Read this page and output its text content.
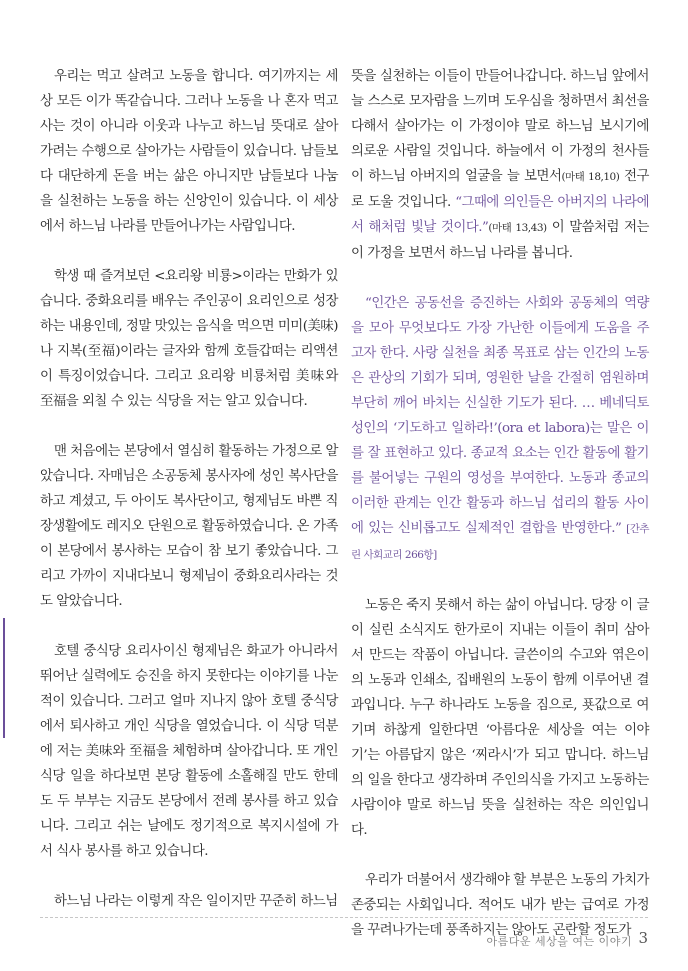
우리는 먹고 살려고 노동을 합니다. 여기까지는 세상 모든 이가 똑같습니다. 그러나 노동을 나 혼자 먹고 사는 것이 아니라 이웃과 나누고 하느님 뜻대로 살아가려는 수행으로 살아가는 사람들이 있습니다. 남들보다 대단하게 돈을 버는 삶은 아니지만 남들보다 나눔을 실천하는 노동을 하는 신앙인이 있습니다. 이 세상에서 하느님 나라를 만들어나가는 사람입니다.

학생 때 즐겨보던 <요리왕 비룡>이라는 만화가 있습니다. 중화요리를 배우는 주인공이 요리인으로 성장하는 내용인데, 정말 맛있는 음식을 먹으면 미미(美味)나 지복(至福)이라는 글자와 함께 호들갑떠는 리액션이 특징이었습니다. 그리고 요리왕 비룡처럼 美味와 至福을 외칠 수 있는 식당을 저는 알고 있습니다.

맨 처음에는 본당에서 열심히 활동하는 가정으로 알았습니다. 자매님은 소공동체 봉사자에 성인 복사단을 하고 계셨고, 두 아이도 복사단이고, 형제님도 바쁜 직장생활에도 레지오 단원으로 활동하였습니다. 온 가족이 본당에서 봉사하는 모습이 참 보기 좋았습니다. 그리고 가까이 지내다보니 형제님이 중화요리사라는 것도 알았습니다.

호텔 중식당 요리사이신 형제님은 화교가 아니라서 뛰어난 실력에도 승진을 하지 못한다는 이야기를 나눈 적이 있습니다. 그러고 얼마 지나지 않아 호텔 중식당에서 퇴사하고 개인 식당을 열었습니다. 이 식당 덕분에 저는 美味와 至福을 체험하며 살아갑니다. 또 개인식당 일을 하다보면 본당 활동에 소홀해질 만도 한데 도 두 부부는 지금도 본당에서 전례 봉사를 하고 있습니다. 그리고 쉬는 날에도 정기적으로 복지시설에 가서 식사 봉사를 하고 있습니다.

하느님 나라는 이렇게 작은 일이지만 꾸준히 하느님

뜻을 실천하는 이들이 만들어나갑니다. 하느님 앞에서 늘 스스로 모자람을 느끼며 도우심을 청하면서 최선을 다해서 살아가는 이 가정이야 말로 하느님 보시기에 의로운 사람일 것입니다. 하늘에서 이 가정의 천사들이 하느님 아버지의 얼굴을 늘 보면서(마태 18,10) 전구로 도울 것입니다. “그때에 의인들은 아버지의 나라에서 해처럼 빛날 것이다.”(마태 13,43) 이 말씀처럼 저는 이 가정을 보면서 하느님 나라를 봅니다.

“인간은 공동선을 증진하는 사회와 공동체의 역량을 모아 무엇보다도 가장 가난한 이들에게 도움을 주고자 한다. 사랑 실천을 최종 목표로 삼는 인간의 노동은 관상의 기회가 되며, 영원한 날을 간절히 염원하며 부단히 깨어 바치는 신실한 기도가 된다. … 베네딕토 성인의 ‘기도하고 일하라!’(ora et labora)는 말은 이를 잘 표현하고 있다. 종교적 요소는 인간 활동에 활기를 불어넣는 구원의 영성을 부여한다. 노동과 종교의 이러한 관계는 인간 활동과 하느님 섭리의 활동 사이에 있는 신비롭고도 실제적인 결합을 반영한다.” [간추린 사회교리 266항]

노동은 죽지 못해서 하는 삶이 아닙니다. 당장 이 글이 실린 소식지도 한가로이 지내는 이들이 취미 삼아서 만드는 작품이 아닙니다. 글쓴이의 수고와 엮은이의 노동과 인쇄소, 집배원의 노동이 함께 이루어낸 결과입니다. 누구 하나라도 노동을 짐으로, 푯값으로 여기며 하찮게 일한다면 ‘아름다운 세상을 여는 이야기’는 아름답지 않은 ‘찌라시’가 되고 맙니다. 하느님의 일을 한다고 생각하며 주인의식을 가지고 노동하는 사람이야 말로 하느님 뜻을 실천하는 작은 의인입니다.

우리가 더불어서 생각해야 할 부분은 노동의 가치가 존중되는 사회입니다. 적어도 내가 받는 급여로 가정을 꾸려나가는데 풍족하지는 않아도 곤란할 정도가

아름다운 세상을 여는 이야기 3
